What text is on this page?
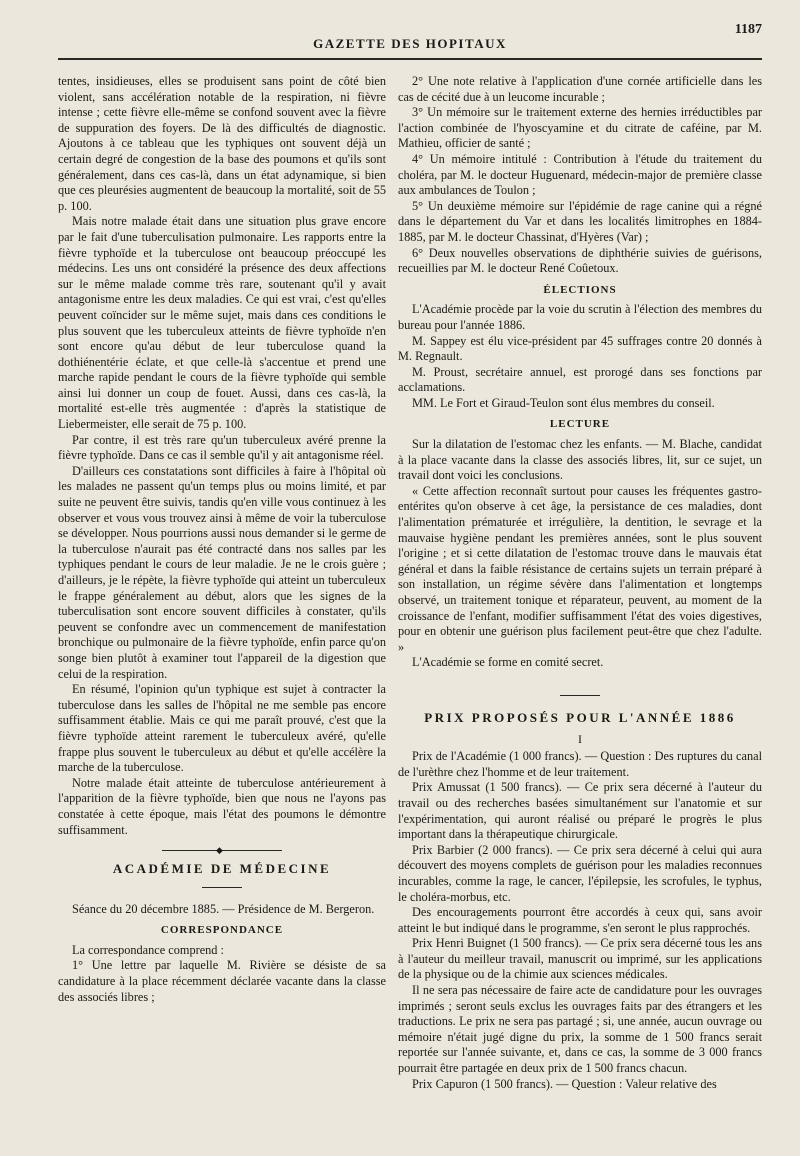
GAZETTE DES HOPITAUX
1187

tentes, insidieuses, elles se produisent sans point de côté bien violent, sans accélération notable de la respiration, ni fièvre intense ; cette fièvre elle-même se confond souvent avec la fièvre de suppuration des foyers. De là des difficultés de diagnostic. Ajoutons à ce tableau que les typhiques ont souvent déjà un certain degré de congestion de la base des poumons et qu'ils sont généralement, dans ces cas-là, dans un état adynamique, si bien que ces pleurésies augmentent de beaucoup la mortalité, soit de 55 p. 100.

Mais notre malade était dans une situation plus grave encore par le fait d'une tuberculisation pulmonaire. Les rapports entre la fièvre typhoïde et la tuberculose ont beaucoup préoccupé les médecins. Les uns ont considéré la présence des deux affections sur le même malade comme très rare, soutenant qu'il y avait antagonisme entre les deux maladies. Ce qui est vrai, c'est qu'elles peuvent coïncider sur le même sujet, mais dans ces conditions le plus souvent que les tuberculeux atteints de fièvre typhoïde n'en sont encore qu'au début de leur tuberculose quand la dothiénentérie éclate, et que celle-là s'accentue et prend une marche rapide pendant le cours de la fièvre typhoïde qui semble ainsi lui donner un coup de fouet. Aussi, dans ces cas-là, la mortalité est-elle très augmentée : d'après la statistique de Liebermeister, elle serait de 75 p. 100.

Par contre, il est très rare qu'un tuberculeux avéré prenne la fièvre typhoïde. Dans ce cas il semble qu'il y ait antagonisme réel.

D'ailleurs ces constatations sont difficiles à faire à l'hôpital où les malades ne passent qu'un temps plus ou moins limité, et par suite ne peuvent être suivis, tandis qu'en ville vous continuez à les observer et vous vous trouvez ainsi à même de voir la tuberculose se développer. Nous pourrions aussi nous demander si le germe de la tuberculose n'aurait pas été contracté dans nos salles par les typhiques pendant le cours de leur maladie. Je ne le crois guère ; d'ailleurs, je le répète, la fièvre typhoïde qui atteint un tuberculeux le frappe généralement au début, alors que les signes de la tuberculisation sont encore souvent difficiles à constater, qu'ils peuvent se confondre avec un commencement de manifestation bronchique ou pulmonaire de la fièvre typhoïde, enfin parce qu'on songe bien plutôt à examiner tout l'appareil de la digestion que celui de la respiration.

En résumé, l'opinion qu'un typhique est sujet à contracter la tuberculose dans les salles de l'hôpital ne me semble pas encore suffisamment établie. Mais ce qui me paraît prouvé, c'est que la fièvre typhoïde atteint rarement le tuberculeux avéré, qu'elle frappe plus souvent le tuberculeux au début et qu'elle accélère la marche de la tuberculose.

Notre malade était atteinte de tuberculose antérieurement à l'apparition de la fièvre typhoïde, bien que nous ne l'ayons pas constatée à cette époque, mais l'état des poumons le démontre suffisamment.

◆
ACADÉMIE DE MÉDECINE

Séance du 20 décembre 1885. — Présidence de M. Bergeron.

CORRESPONDANCE

La correspondance comprend :

1° Une lettre par laquelle M. Rivière se désiste de sa candidature à la place récemment déclarée vacante dans la classe des associés libres ;

2° Une note relative à l'application d'une cornée artificielle dans les cas de cécité due à un leucome incurable ;

3° Un mémoire sur le traitement externe des hernies irréductibles par l'action combinée de l'hyoscyamine et du citrate de caféine, par M. Mathieu, officier de santé ;

4° Un mémoire intitulé : Contribution à l'étude du traitement du choléra, par M. le docteur Huguenard, médecin-major de première classe aux ambulances de Toulon ;

5° Un deuxième mémoire sur l'épidémie de rage canine qui a régné dans le département du Var et dans les localités limitrophes en 1884-1885, par M. le docteur Chassinat, d'Hyères (Var) ;

6° Deux nouvelles observations de diphthérie suivies de guérisons, recueillies par M. le docteur René Coûetoux.

ÉLECTIONS

L'Académie procède par la voie du scrutin à l'élection des membres du bureau pour l'année 1886.

M. Sappey est élu vice-président par 45 suffrages contre 20 donnés à M. Regnault.

M. Proust, secrétaire annuel, est prorogé dans ses fonctions par acclamations.

MM. Le Fort et Giraud-Teulon sont élus membres du conseil.

LECTURE

Sur la dilatation de l'estomac chez les enfants. — M. Blache, candidat à la place vacante dans la classe des associés libres, lit, sur ce sujet, un travail dont voici les conclusions.

« Cette affection reconnaît surtout pour causes les fréquentes gastro-entérites qu'on observe à cet âge, la persistance de ces maladies, dont l'alimentation prématurée et irrégulière, la dentition, le sevrage et la mauvaise hygiène pendant les premières années, sont le plus souvent l'origine ; et si cette dilatation de l'estomac trouve dans le mauvais état général et dans la faible résistance de certains sujets un terrain préparé à son installation, un régime sévère dans l'alimentation et longtemps observé, un traitement tonique et réparateur, peuvent, au moment de la croissance de l'enfant, modifier suffisamment l'état des voies digestives, pour en obtenir une guérison plus facilement peut-être que chez l'adulte. »

L'Académie se forme en comité secret.

PRIX PROPOSÉS POUR L'ANNÉE 1886
I

Prix de l'Académie (1 000 francs). — Question : Des ruptures du canal de l'urèthre chez l'homme et de leur traitement.

Prix Amussat (1 500 francs). — Ce prix sera décerné à l'auteur du travail ou des recherches basées simultanément sur l'anatomie et sur l'expérimentation, qui auront réalisé ou préparé le progrès le plus important dans la thérapeutique chirurgicale.

Prix Barbier (2 000 francs). — Ce prix sera décerné à celui qui aura découvert des moyens complets de guérison pour les maladies reconnues incurables, comme la rage, le cancer, l'épilepsie, les scrofules, le typhus, le choléra-morbus, etc.

Des encouragements pourront être accordés à ceux qui, sans avoir atteint le but indiqué dans le programme, s'en seront le plus rapprochés.

Prix Henri Buignet (1 500 francs). — Ce prix sera décerné tous les ans à l'auteur du meilleur travail, manuscrit ou imprimé, sur les applications de la physique ou de la chimie aux sciences médicales.

Il ne sera pas nécessaire de faire acte de candidature pour les ouvrages imprimés ; seront seuls exclus les ouvrages faits par des étrangers et les traductions. Le prix ne sera pas partagé ; si, une année, aucun ouvrage ou mémoire n'était jugé digne du prix, la somme de 1 500 francs serait reportée sur l'année suivante, et, dans ce cas, la somme de 3 000 francs pourrait être partagée en deux prix de 1 500 francs chacun.

Prix Capuron (1 500 francs). — Question : Valeur relative des
